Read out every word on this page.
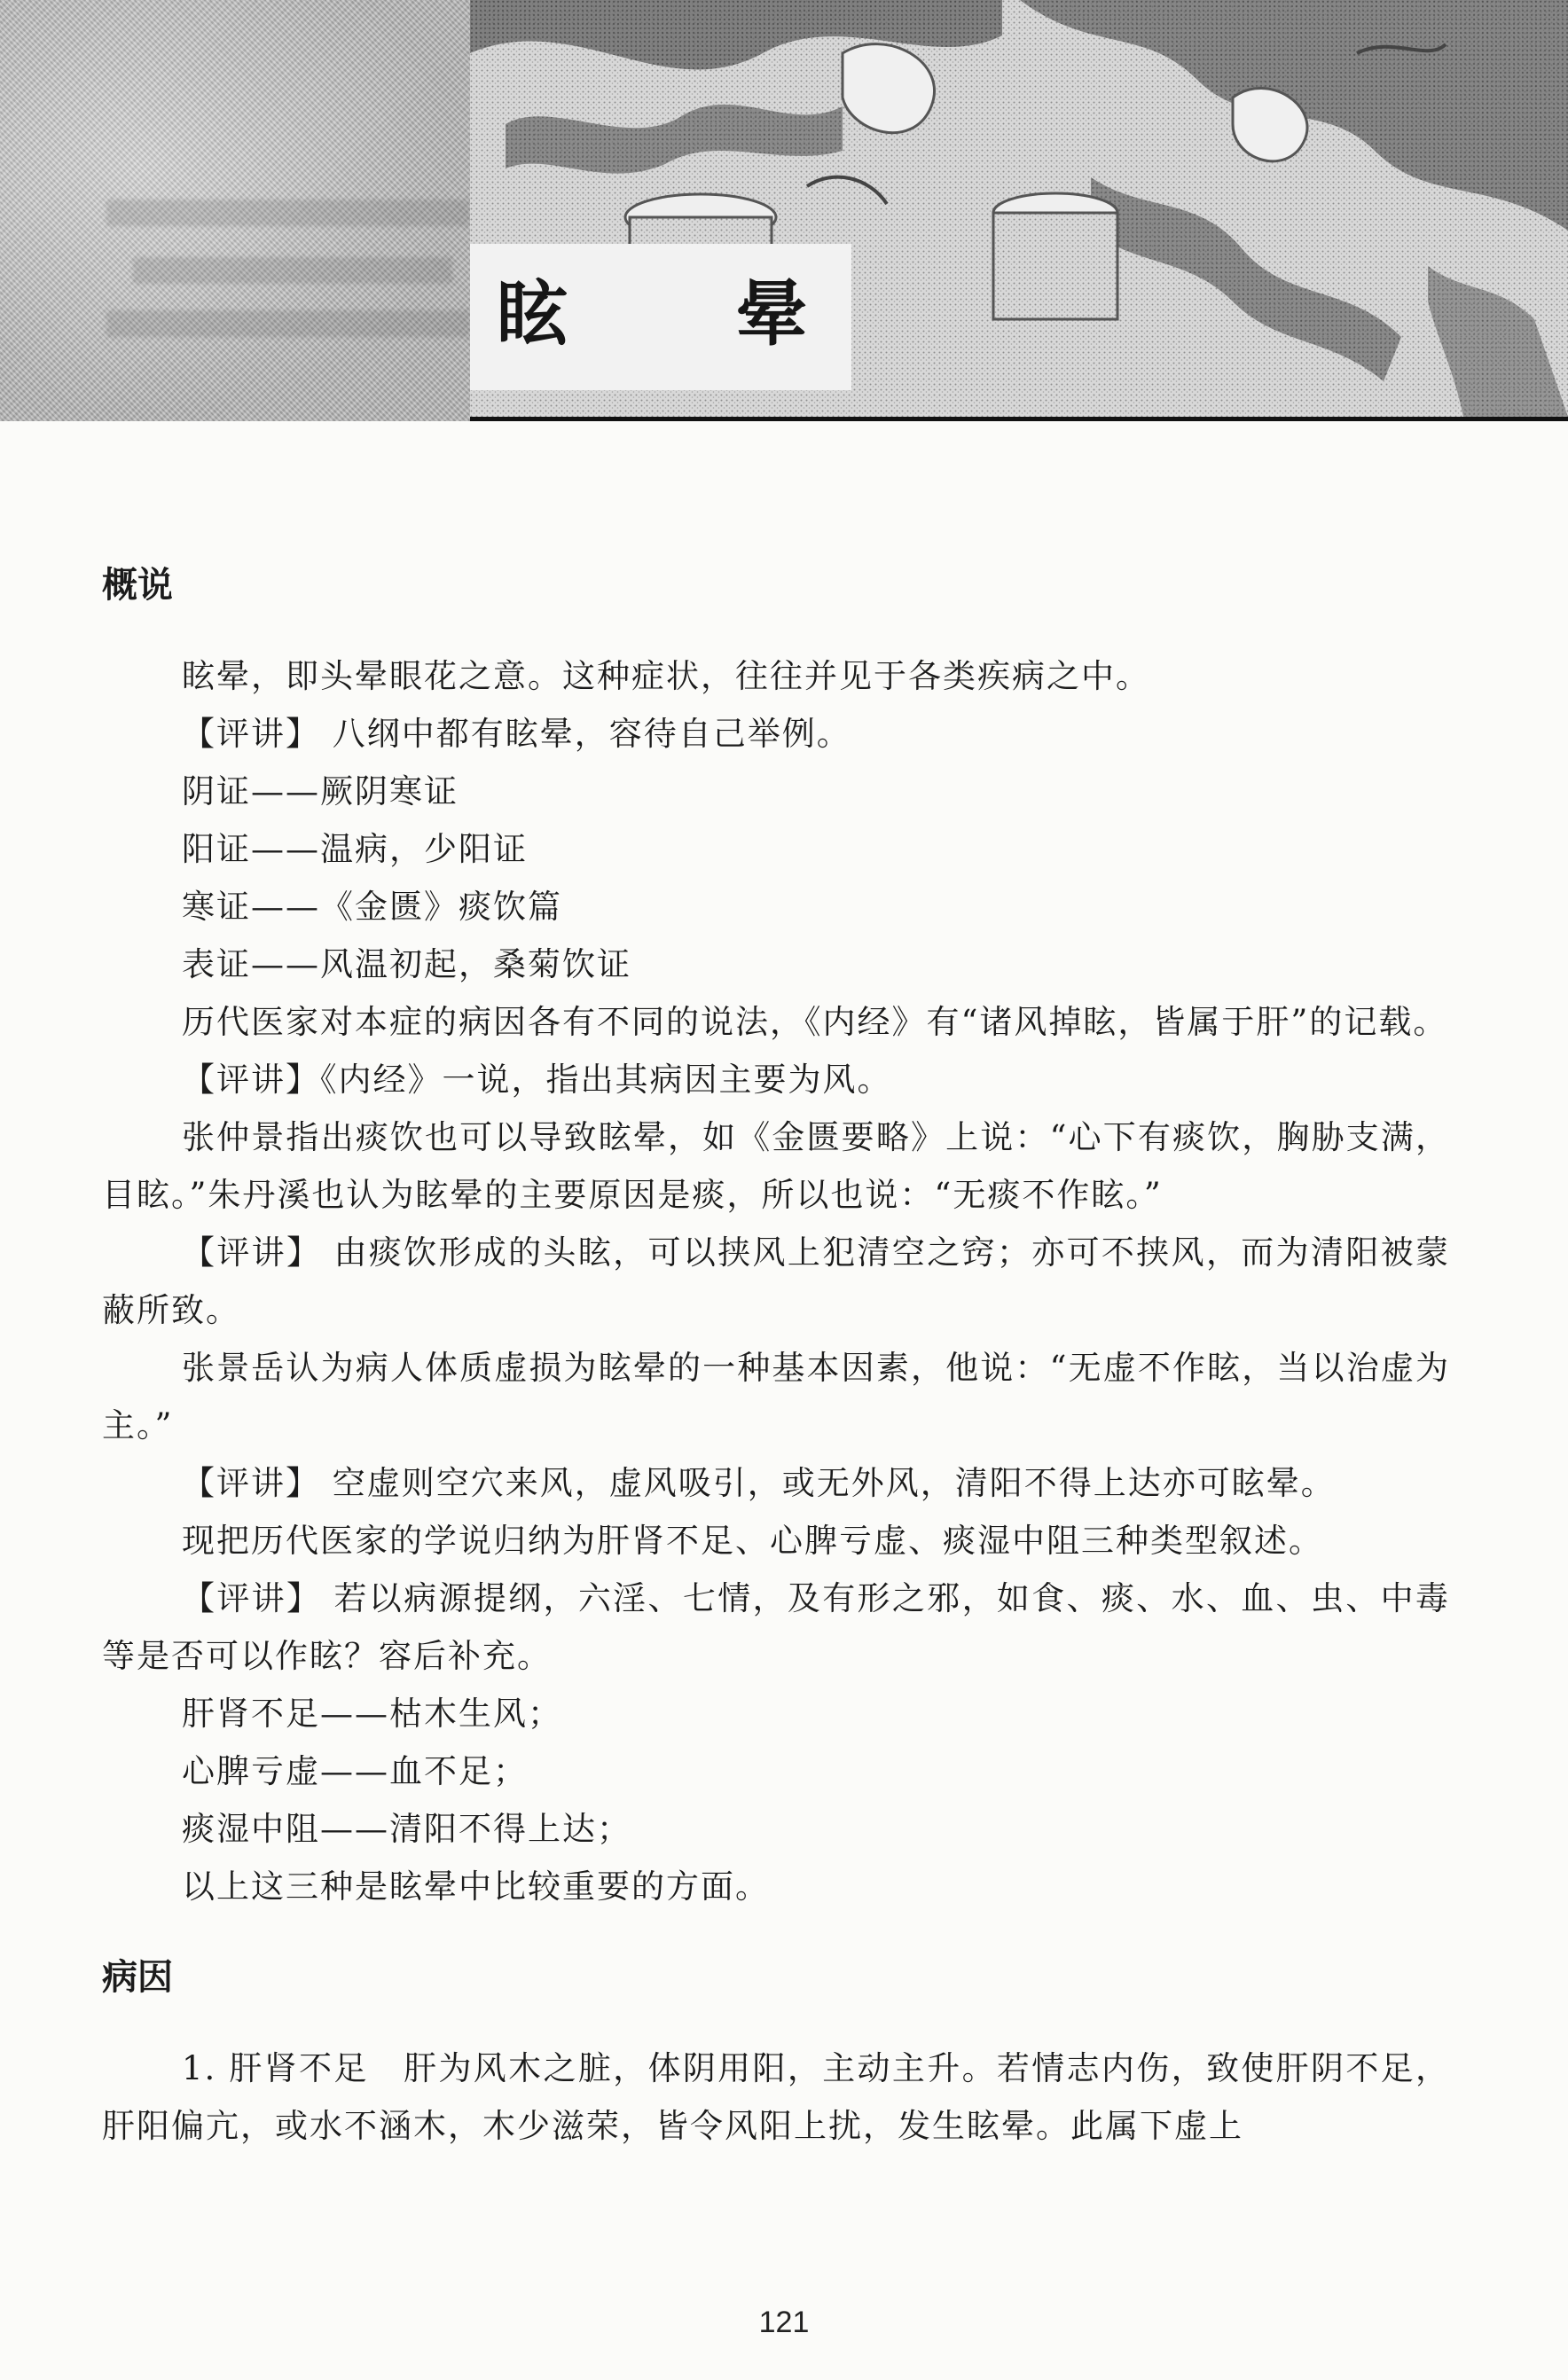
眩 晕
概说

眩晕，即头晕眼花之意。这种症状，往往并见于各类疾病之中。

【评讲】 八纲中都有眩晕，容待自己举例。

阴证——厥阴寒证

阳证——温病，少阳证

寒证——《金匮》痰饮篇

表证——风温初起，桑菊饮证

历代医家对本症的病因各有不同的说法，《内经》有“诸风掉眩，皆属于肝”的记载。

【评讲】《内经》一说，指出其病因主要为风。

张仲景指出痰饮也可以导致眩晕，如《金匮要略》上说：“心下有痰饮，胸胁支满，目眩。”朱丹溪也认为眩晕的主要原因是痰，所以也说：“无痰不作眩。”

【评讲】 由痰饮形成的头眩，可以挟风上犯清空之窍；亦可不挟风，而为清阳被蒙蔽所致。

张景岳认为病人体质虚损为眩晕的一种基本因素，他说：“无虚不作眩，当以治虚为主。”

【评讲】 空虚则空穴来风，虚风吸引，或无外风，清阳不得上达亦可眩晕。

现把历代医家的学说归纳为肝肾不足、心脾亏虚、痰湿中阻三种类型叙述。

【评讲】 若以病源提纲，六淫、七情，及有形之邪，如食、痰、水、血、虫、中毒等是否可以作眩？容后补充。

肝肾不足——枯木生风；

心脾亏虚——血不足；

痰湿中阻——清阳不得上达；

以上这三种是眩晕中比较重要的方面。

病因

1. 肝肾不足　肝为风木之脏，体阴用阳，主动主升。若情志内伤，致使肝阴不足，肝阳偏亢，或水不涵木，木少滋荣，皆令风阳上扰，发生眩晕。此属下虚上

121
